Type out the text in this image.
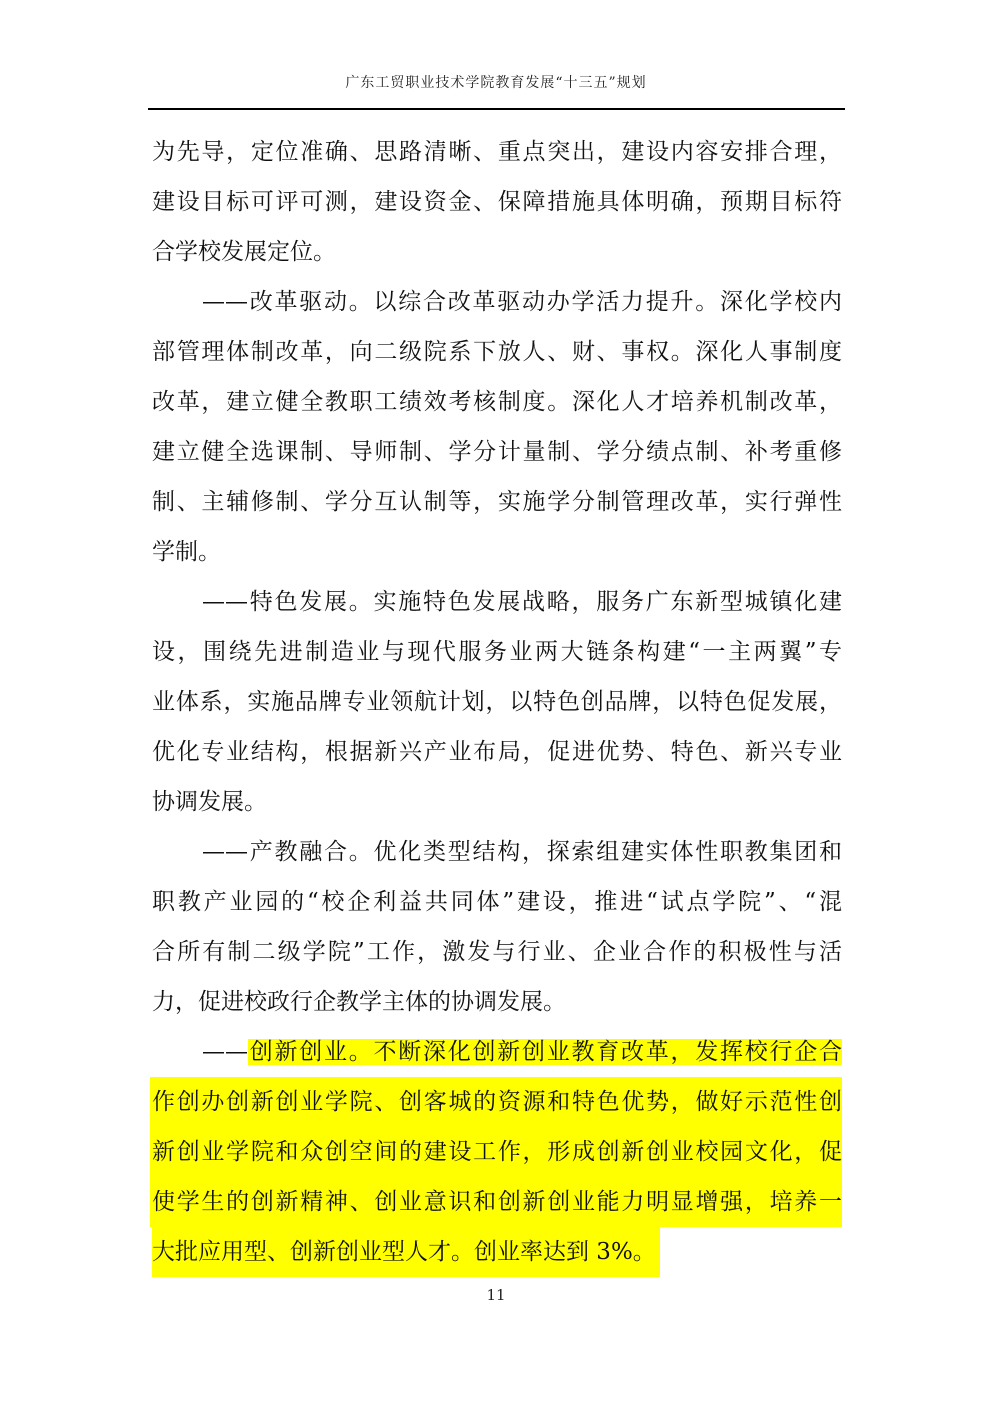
广东工贸职业技术学院教育发展“十三五”规划
为先导，定位准确、思路清晰、重点突出，建设内容安排合理，
建设目标可评可测，建设资金、保障措施具体明确，预期目标符
合学校发展定位。
——改革驱动。以综合改革驱动办学活力提升。深化学校内
部管理体制改革，向二级院系下放人、财、事权。深化人事制度
改革，建立健全教职工绩效考核制度。深化人才培养机制改革，
建立健全选课制、导师制、学分计量制、学分绩点制、补考重修
制、主辅修制、学分互认制等，实施学分制管理改革，实行弹性
学制。
——特色发展。实施特色发展战略，服务广东新型城镇化建
设，围绕先进制造业与现代服务业两大链条构建“一主两翼”专
业体系，实施品牌专业领航计划，以特色创品牌，以特色促发展，
优化专业结构，根据新兴产业布局，促进优势、特色、新兴专业
协调发展。
——产教融合。优化类型结构，探索组建实体性职教集团和
职教产业园的“校企利益共同体”建设，推进“试点学院”、“混
合所有制二级学院”工作，激发与行业、企业合作的积极性与活
力，促进校政行企教学主体的协调发展。
——创新创业。不断深化创新创业教育改革，发挥校行企合
作创办创新创业学院、创客城的资源和特色优势，做好示范性创
新创业学院和众创空间的建设工作，形成创新创业校园文化，促
使学生的创新精神、创业意识和创新创业能力明显增强，培养一
大批应用型、创新创业型人才。创业率达到 3%。
11
